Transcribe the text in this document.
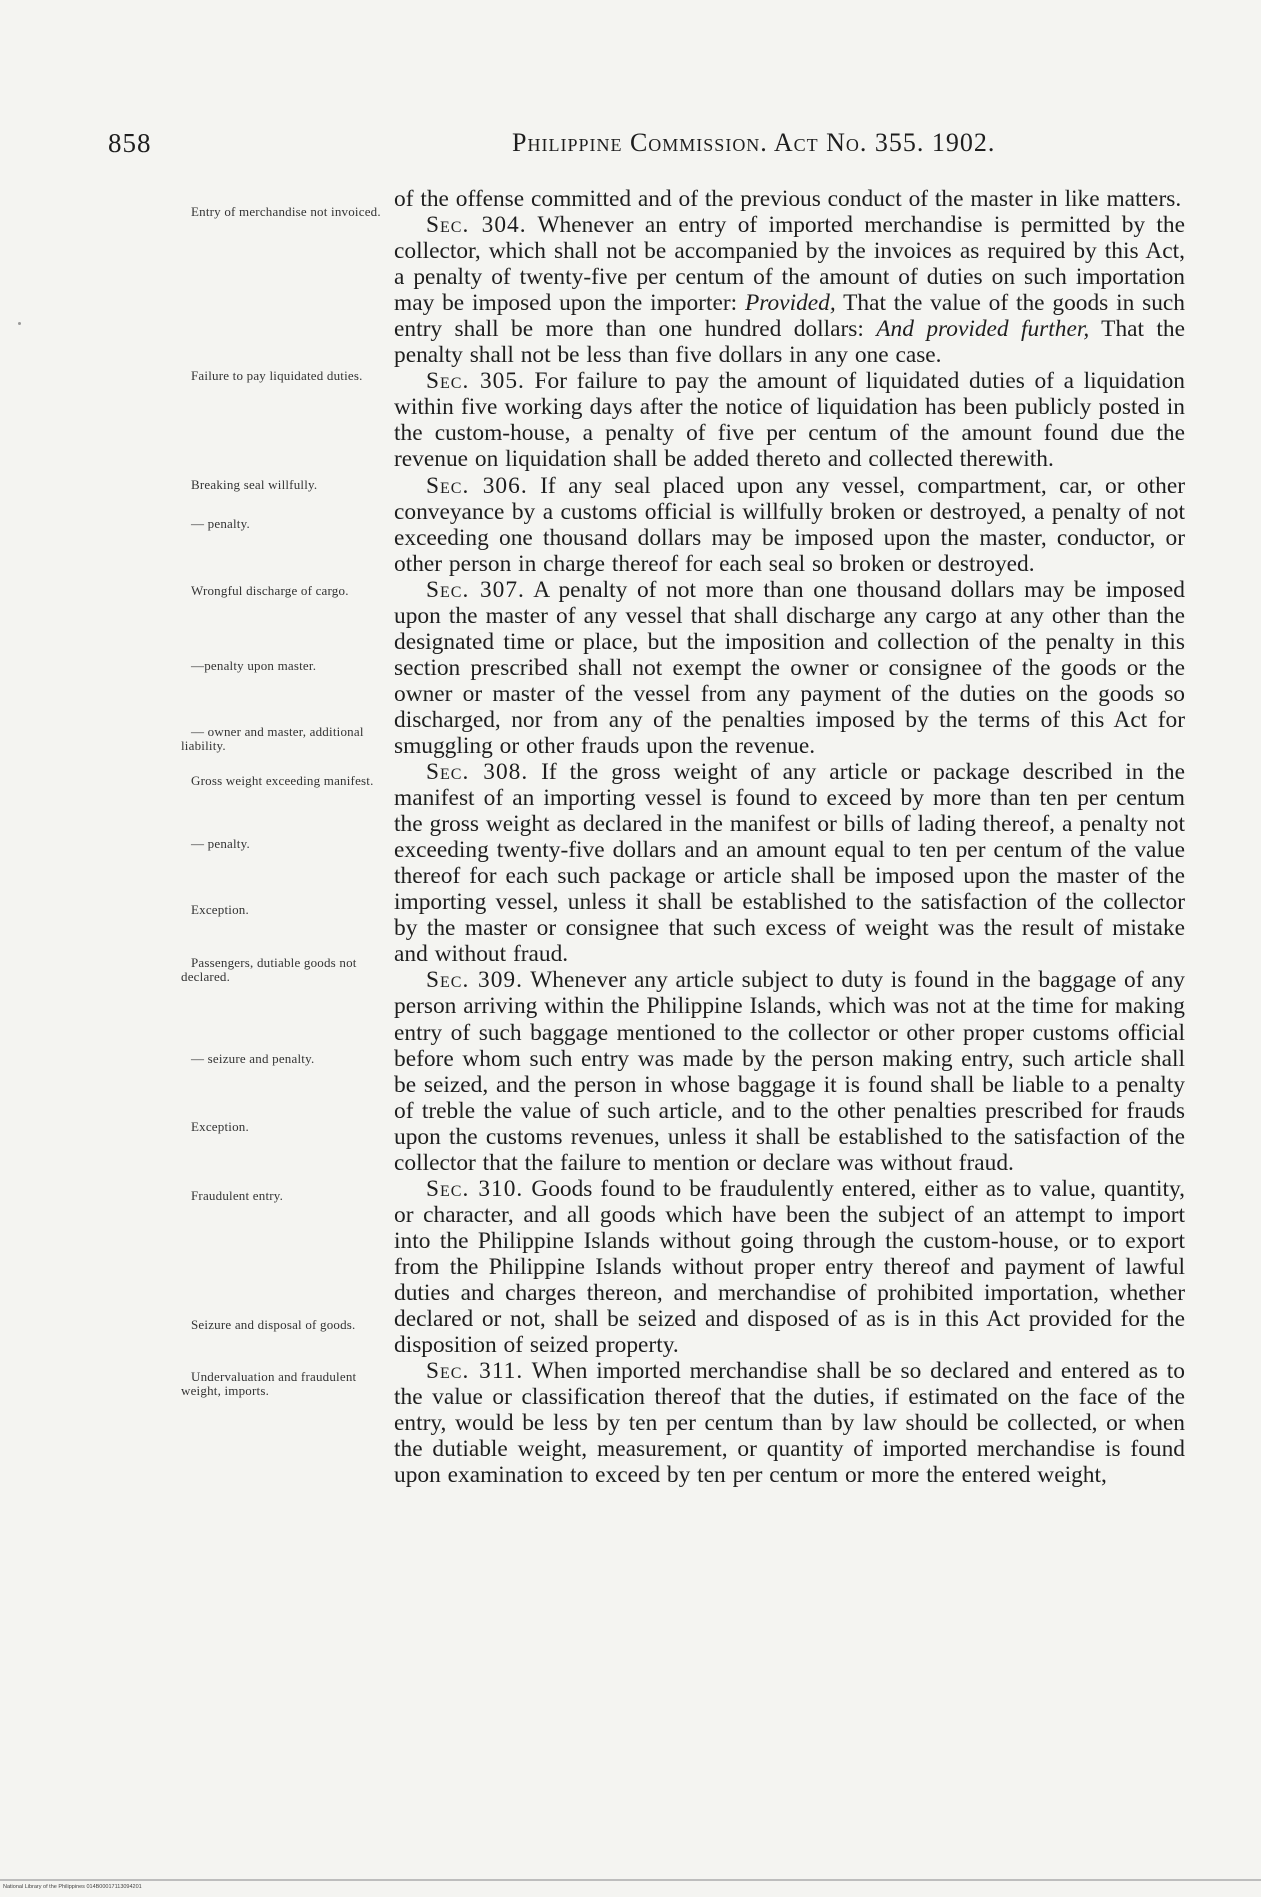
858	Philippine Commission. Act No. 355. 1902.
Entry of merchandise not invoiced.
Failure to pay liquidated duties.
Breaking seal willfully.
— penalty.
Wrongful discharge of cargo.
—penalty upon master.
— owner and master, additional liability.
Gross weight exceeding manifest.
— penalty.
Exception.
Passengers, dutiable goods not declared.
— seizure and penalty.
Exception.
Fraudulent entry.
Seizure and disposal of goods.
Undervaluation and fraudulent weight, imports.

of the offense committed and of the previous conduct of the master in like matters.

Sec. 304. Whenever an entry of imported merchandise is permitted by the collector, which shall not be accompanied by the invoices as required by this Act, a penalty of twenty-five per centum of the amount of duties on such importation may be imposed upon the importer: Provided, That the value of the goods in such entry shall be more than one hundred dollars: And provided further, That the penalty shall not be less than five dollars in any one case.

Sec. 305. For failure to pay the amount of liquidated duties of a liquidation within five working days after the notice of liquidation has been publicly posted in the custom-house, a penalty of five per centum of the amount found due the revenue on liquidation shall be added thereto and collected therewith.

Sec. 306. If any seal placed upon any vessel, compartment, car, or other conveyance by a customs official is willfully broken or destroyed, a penalty of not exceeding one thousand dollars may be imposed upon the master, conductor, or other person in charge thereof for each seal so broken or destroyed.

Sec. 307. A penalty of not more than one thousand dollars may be imposed upon the master of any vessel that shall discharge any cargo at any other than the designated time or place, but the imposition and collection of the penalty in this section prescribed shall not exempt the owner or consignee of the goods or the owner or master of the vessel from any payment of the duties on the goods so discharged, nor from any of the penalties imposed by the terms of this Act for smuggling or other frauds upon the revenue.

Sec. 308. If the gross weight of any article or package described in the manifest of an importing vessel is found to exceed by more than ten per centum the gross weight as declared in the manifest or bills of lading thereof, a penalty not exceeding twenty-five dollars and an amount equal to ten per centum of the value thereof for each such package or article shall be imposed upon the master of the importing vessel, unless it shall be established to the satisfaction of the collector by the master or consignee that such excess of weight was the result of mistake and without fraud.

Sec. 309. Whenever any article subject to duty is found in the baggage of any person arriving within the Philippine Islands, which was not at the time for making entry of such baggage mentioned to the collector or other proper customs official before whom such entry was made by the person making entry, such article shall be seized, and the person in whose baggage it is found shall be liable to a penalty of treble the value of such article, and to the other penalties prescribed for frauds upon the customs revenues, unless it shall be established to the satisfaction of the collector that the failure to mention or declare was without fraud.

Sec. 310. Goods found to be fraudulently entered, either as to value, quantity, or character, and all goods which have been the subject of an attempt to import into the Philippine Islands without going through the custom-house, or to export from the Philippine Islands without proper entry thereof and payment of lawful duties and charges thereon, and merchandise of prohibited importation, whether declared or not, shall be seized and disposed of as is in this Act provided for the disposition of seized property.

Sec. 311. When imported merchandise shall be so declared and entered as to the value or classification thereof that the duties, if estimated on the face of the entry, would be less by ten per centum than by law should be collected, or when the dutiable weight, measurement, or quantity of imported merchandise is found upon examination to exceed by ten per centum or more the entered weight,

National Library of the Philippines 014B00017113094201
